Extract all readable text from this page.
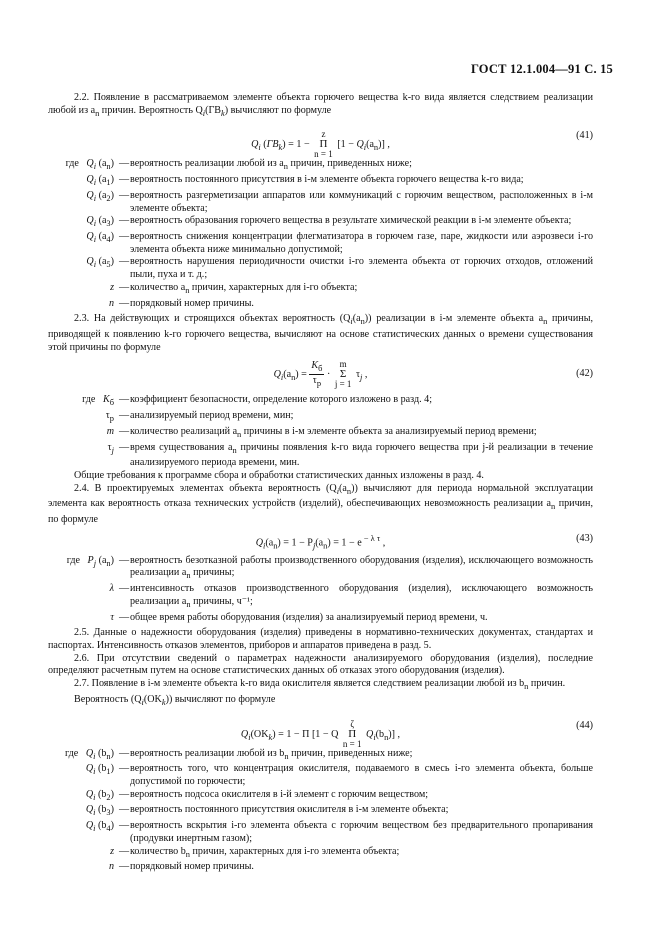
ГОСТ 12.1.004—91 С. 15

2.2. Появление в рассматриваемом элементе объекта горючего вещества k-го вида является следствием реализации любой из $a_n$ причин. Вероятность $Q_i(ГВ_k)$ вычисляют по формуле

$Q_i$ $(ГВ_k) = 1 - z$
Π
n = 1 $[1 - Q_i(a_n)]$ ,
(41)
где $Q_i$ $(a_n)$ — вероятность реализации любой из $a_n$ причин, приведенных ниже;
$Q_i$ $(a_1)$ — вероятность постоянного присутствия в i-м элементе объекта горючего вещества k-го вида;
$Q_i$ $(a_2)$ — вероятность разгерметизации аппаратов или коммуникаций с горючим веществом, расположенных в i-м элементе объекта;
$Q_i$ $(a_3)$ — вероятность образования горючего вещества в результате химической реакции в i-м элементе объекта;
$Q_i$ $(a_4)$ — вероятность снижения концентрации флегматизатора в горючем газе, паре, жидкости или аэрозвеси i-го элемента объекта ниже минимально допустимой;
$Q_i$ $(a_5)$ — вероятность нарушения периодичности очистки i-го элемента объекта от горючих отходов, отложений пыли, пуха и т. д.;
z — количество $a_n$ причин, характерных для i-го объекта;
n — порядковый номер причины.

2.3. На действующих и строящихся объектах вероятность $(Q_i(a_n))$ реализации в i-м элементе объекта $a_n$ причины, приводящей к появлению k-го горючего вещества, вычисляют на основе статистических данных о времени существования этой причины по формуле

$Q_i(a_n) = \frac{K_б}{\tau_р} \cdot m$
Σ
j = 1 $\tau_j$ ,	(42)
где $K_б$ — коэффициент безопасности, определение которого изложено в разд. 4;
$\tau_р$ — анализируемый период времени, мин;
m — количество реализаций $a_n$ причины в i-м элементе объекта за анализируемый период времени;
$\tau_j$ — время существования $a_n$ причины появления k-го вида горючего вещества при j-й реализации в течение анализируемого периода времени, мин.

Общие требования к программе сбора и обработки статистических данных изложены в разд. 4.

2.4. В проектируемых элементах объекта вероятность $(Q_i(a_n))$ вычисляют для периода нормальной эксплуатации элемента как вероятность отказа технических устройств (изделий), обеспечивающих невозможность реализации $a_n$ причин, по формуле

$Q_i(a_n) = 1 - P_j(a_n) = 1 - e$ $^{- \lambda \tau}$ ,	(43)
где $P_j$ $(a_n)$ — вероятность безотказной работы производственного оборудования (изделия), исключающего возможность реализации $a_n$ причины;
λ — интенсивность отказов производственного оборудования (изделия), исключающего возможность реализации $a_n$ причины, ч⁻¹;
τ — общее время работы оборудования (изделия) за анализируемый период времени, ч.

2.5. Данные о надежности оборудования (изделия) приведены в нормативно-технических документах, стандартах и паспортах. Интенсивность отказов элементов, приборов и аппаратов приведена в разд. 5.

2.6. При отсутствии сведений о параметрах надежности анализируемого оборудования (изделия), последние определяют расчетным путем на основе статистических данных об отказах этого оборудования (изделия).

2.7. Появление в i-м элементе объекта k-го вида окислителя является следствием реализации любой из $b_n$ причин.

Вероятность $(Q_i(OK_k))$ вычисляют по формуле

$Q_i(OK_k) = 1 - \Pi$ [1 − Q ζ
Π
n = 1 $Q_i(b_n)$] ,
(44)
где $Q_i$ $(b_n)$ — вероятность реализации любой из $b_n$ причин, приведенных ниже;
$Q_i$ $(b_1)$ — вероятность того, что концентрация окислителя, подаваемого в смесь i-го элемента объекта, больше допустимой по горючести;
$Q_i$ $(b_2)$ — вероятность подсоса окислителя в i-й элемент с горючим веществом;
$Q_i$ $(b_3)$ — вероятность постоянного присутствия окислителя в i-м элементе объекта;
$Q_i$ $(b_4)$ — вероятность вскрытия i-го элемента объекта с горючим веществом без предварительного пропаривания (продувки инертным газом);
z — количество $b_n$ причин, характерных для i-го элемента объекта;
n — порядковый номер причины.
